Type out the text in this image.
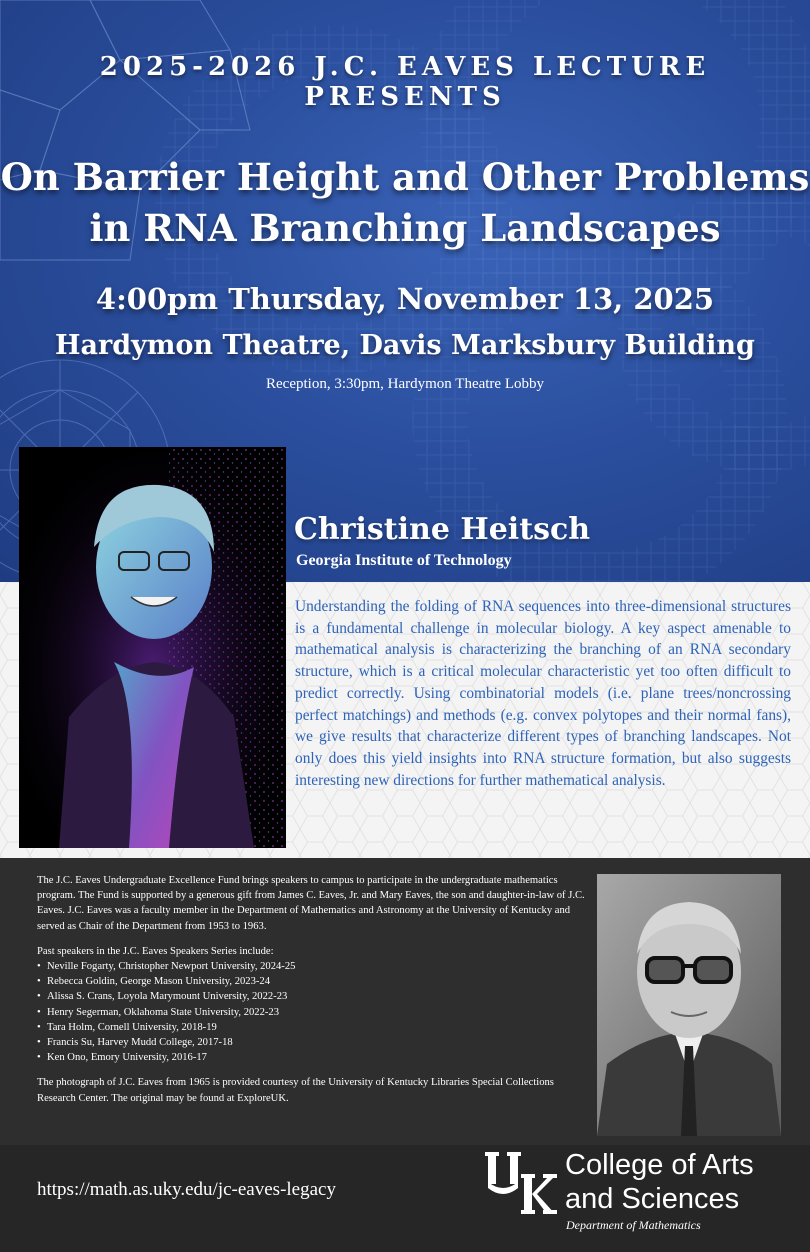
2025-2026 J.C. EAVES LECTURE PRESENTS
On Barrier Height and Other Problems
in RNA Branching Landscapes
4:00pm Thursday, November 13, 2025
Hardymon Theatre, Davis Marksbury Building
Reception, 3:30pm, Hardymon Theatre Lobby
Christine Heitsch
Georgia Institute of Technology
Understanding the folding of RNA sequences into three-dimensional structures is a fundamental challenge in molecular biology. A key aspect amenable to mathematical analysis is characterizing the branching of an RNA secondary structure, which is a critical molecular characteristic yet too often difficult to predict correctly. Using combinatorial models (i.e. plane trees/noncrossing perfect matchings) and methods (e.g. convex polytopes and their normal fans), we give results that characterize different types of branching landscapes. Not only does this yield insights into RNA structure formation, but also suggests interesting new directions for further mathematical analysis.

The J.C. Eaves Undergraduate Excellence Fund brings speakers to campus to participate in the undergraduate mathematics program. The Fund is supported by a generous gift from James C. Eaves, Jr. and Mary Eaves, the son and daughter-in-law of J.C. Eaves. J.C. Eaves was a faculty member in the Department of Mathematics and Astronomy at the University of Kentucky and served as Chair of the Department from 1953 to 1963.

Past speakers in the J.C. Eaves Speakers Series include:
• Neville Fogarty, Christopher Newport University, 2024-25
• Rebecca Goldin, George Mason University, 2023-24
• Alissa S. Crans, Loyola Marymount University, 2022-23
• Henry Segerman, Oklahoma State University, 2022-23
• Tara Holm, Cornell University, 2018-19
• Francis Su, Harvey Mudd College, 2017-18
• Ken Ono, Emory University, 2016-17

The photograph of J.C. Eaves from 1965 is provided courtesy of the University of Kentucky Libraries Special Collections Research Center. The original may be found at ExploreUK.

https://math.as.uky.edu/jc-eaves-legacy
College of Arts
and Sciences
Department of Mathematics
